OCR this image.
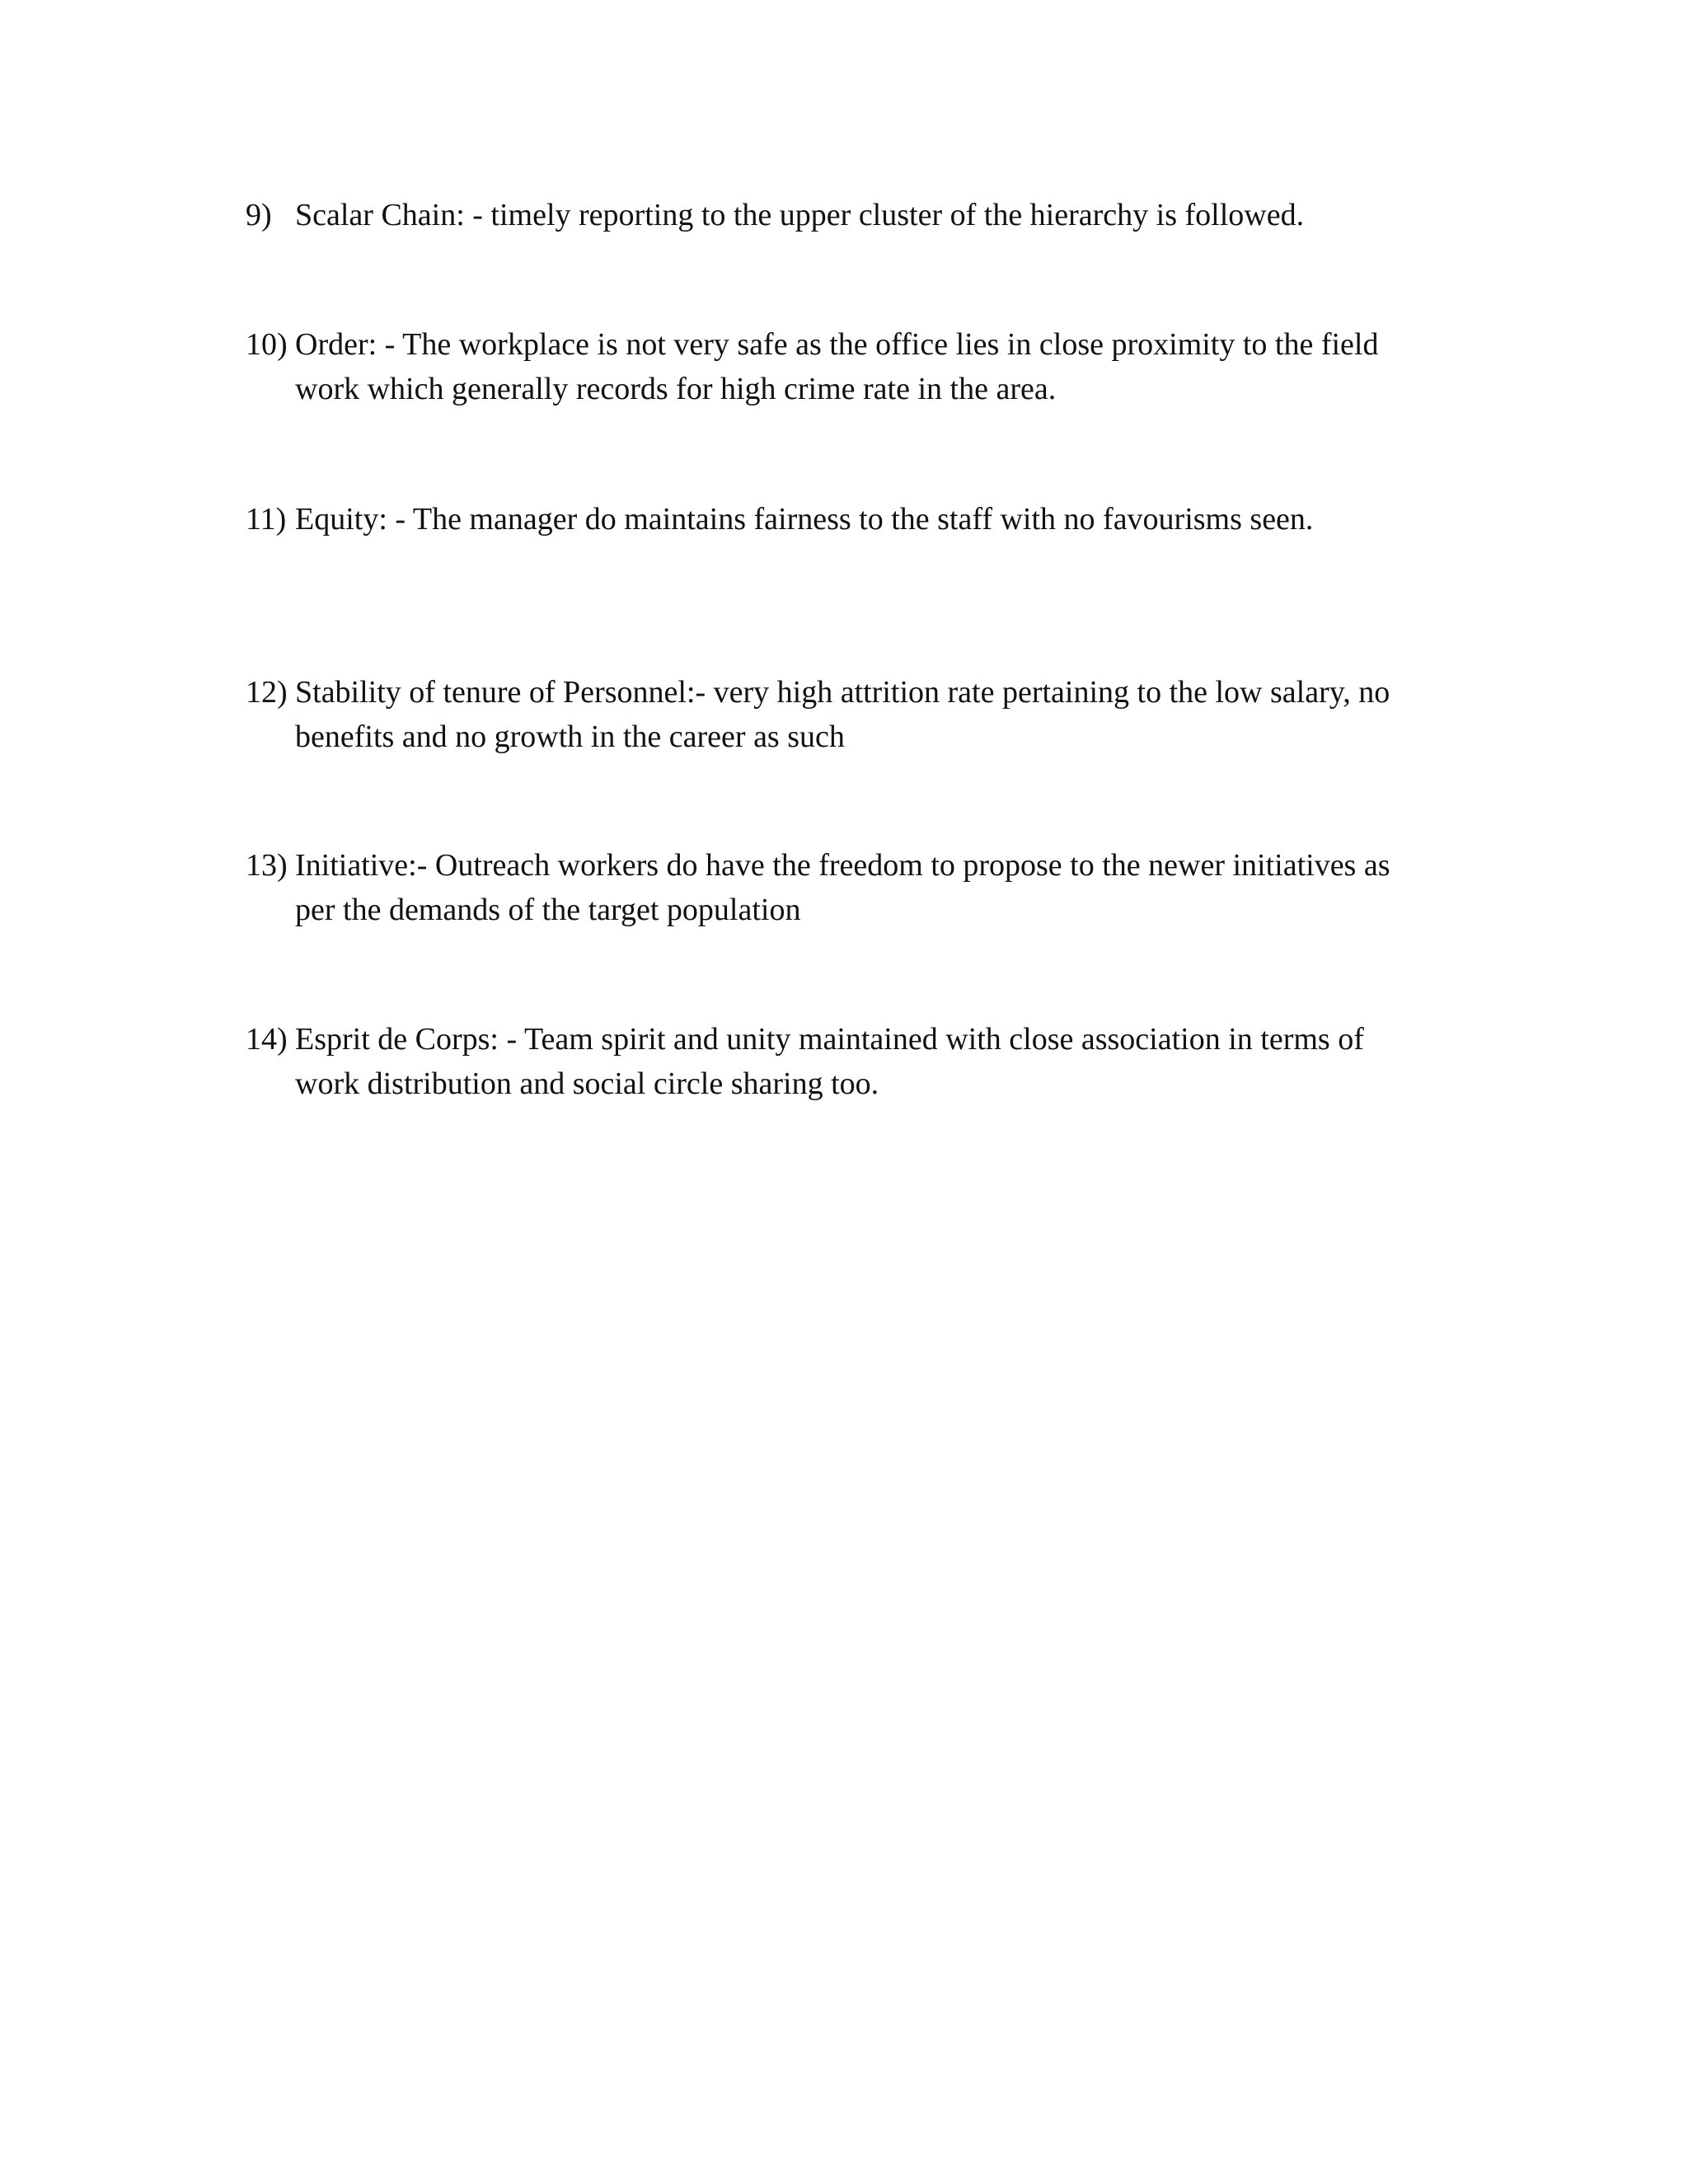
9) Scalar Chain: - timely reporting to the upper cluster of the hierarchy is followed.
10) Order: - The workplace is not very safe as the office lies in close proximity to the field
work which generally records for high crime rate in the area.
11) Equity: - The manager do maintains fairness to the staff with no favourisms seen.
12) Stability of tenure of Personnel:- very high attrition rate pertaining to the low salary, no
benefits and no growth in the career as such
13) Initiative:- Outreach workers do have the freedom to propose to the newer initiatives as
per the demands of the target population
14) Esprit de Corps: - Team spirit and unity maintained with close association in terms of
work distribution and social circle sharing too.
